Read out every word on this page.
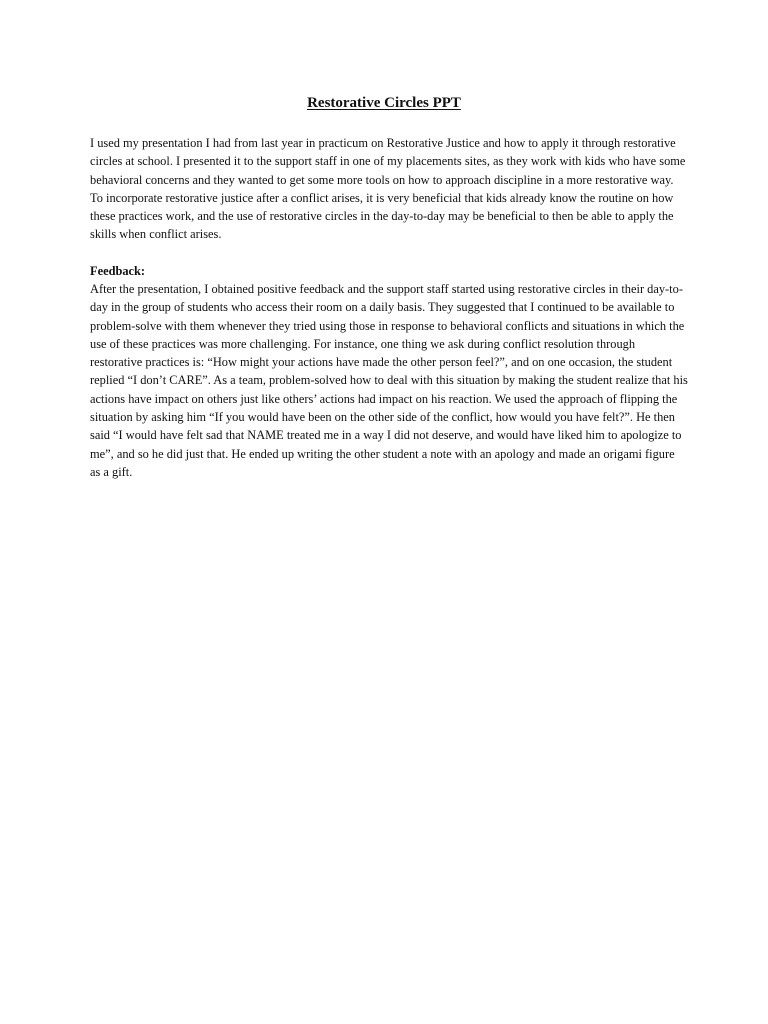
Restorative Circles PPT

I used my presentation I had from last year in practicum on Restorative Justice and how to apply it through restorative circles at school. I presented it to the support staff in one of my placements sites, as they work with kids who have some behavioral concerns and they wanted to get some more tools on how to approach discipline in a more restorative way. To incorporate restorative justice after a conflict arises, it is very beneficial that kids already know the routine on how these practices work, and the use of restorative circles in the day-to-day may be beneficial to then be able to apply the skills when conflict arises.

Feedback:

After the presentation, I obtained positive feedback and the support staff started using restorative circles in their day-to-day in the group of students who access their room on a daily basis. They suggested that I continued to be available to problem-solve with them whenever they tried using those in response to behavioral conflicts and situations in which the use of these practices was more challenging. For instance, one thing we ask during conflict resolution through restorative practices is: “How might your actions have made the other person feel?”, and on one occasion, the student replied “I don’t CARE”. As a team, problem-solved how to deal with this situation by making the student realize that his actions have impact on others just like others’ actions had impact on his reaction. We used the approach of flipping the situation by asking him “If you would have been on the other side of the conflict, how would you have felt?”. He then said “I would have felt sad that NAME treated me in a way I did not deserve, and would have liked him to apologize to me”, and so he did just that. He ended up writing the other student a note with an apology and made an origami figure as a gift.
